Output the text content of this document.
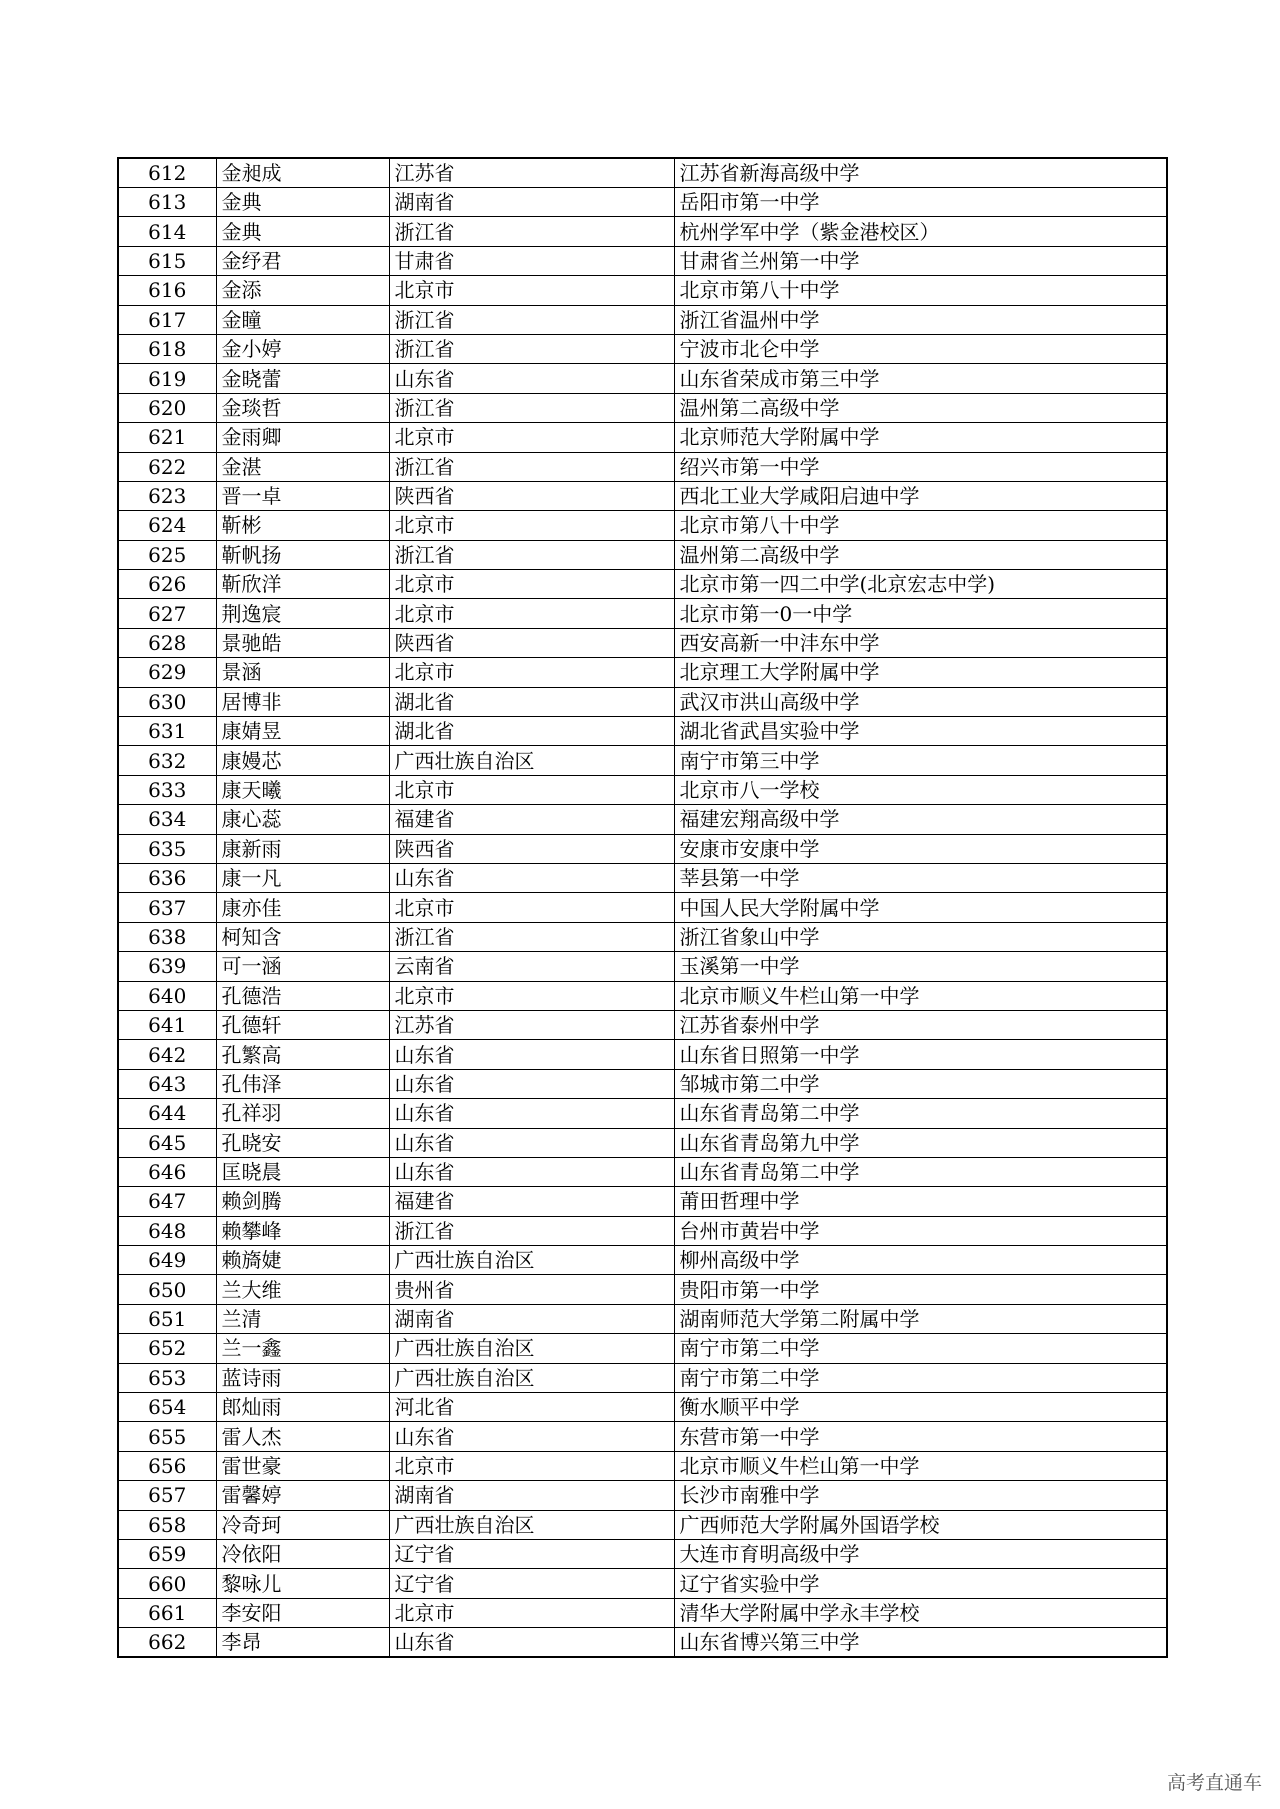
612	金昶成	江苏省	江苏省新海高级中学
613	金典	湖南省	岳阳市第一中学
614	金典	浙江省	杭州学军中学（紫金港校区）
615	金纾君	甘肃省	甘肃省兰州第一中学
616	金添	北京市	北京市第八十中学
617	金瞳	浙江省	浙江省温州中学
618	金小婷	浙江省	宁波市北仑中学
619	金晓蕾	山东省	山东省荣成市第三中学
620	金琰哲	浙江省	温州第二高级中学
621	金雨卿	北京市	北京师范大学附属中学
622	金湛	浙江省	绍兴市第一中学
623	晋一卓	陕西省	西北工业大学咸阳启迪中学
624	靳彬	北京市	北京市第八十中学
625	靳帆扬	浙江省	温州第二高级中学
626	靳欣洋	北京市	北京市第一四二中学(北京宏志中学)
627	荆逸宸	北京市	北京市第一0一中学
628	景驰皓	陕西省	西安高新一中沣东中学
629	景涵	北京市	北京理工大学附属中学
630	居博非	湖北省	武汉市洪山高级中学
631	康婧昱	湖北省	湖北省武昌实验中学
632	康嫚芯	广西壮族自治区	南宁市第三中学
633	康天曦	北京市	北京市八一学校
634	康心蕊	福建省	福建宏翔高级中学
635	康新雨	陕西省	安康市安康中学
636	康一凡	山东省	莘县第一中学
637	康亦佳	北京市	中国人民大学附属中学
638	柯知含	浙江省	浙江省象山中学
639	可一涵	云南省	玉溪第一中学
640	孔德浩	北京市	北京市顺义牛栏山第一中学
641	孔德轩	江苏省	江苏省泰州中学
642	孔繁高	山东省	山东省日照第一中学
643	孔伟泽	山东省	邹城市第二中学
644	孔祥羽	山东省	山东省青岛第二中学
645	孔晓安	山东省	山东省青岛第九中学
646	匡晓晨	山东省	山东省青岛第二中学
647	赖剑腾	福建省	莆田哲理中学
648	赖攀峰	浙江省	台州市黄岩中学
649	赖旖婕	广西壮族自治区	柳州高级中学
650	兰大维	贵州省	贵阳市第一中学
651	兰清	湖南省	湖南师范大学第二附属中学
652	兰一鑫	广西壮族自治区	南宁市第二中学
653	蓝诗雨	广西壮族自治区	南宁市第二中学
654	郎灿雨	河北省	衡水顺平中学
655	雷人杰	山东省	东营市第一中学
656	雷世豪	北京市	北京市顺义牛栏山第一中学
657	雷馨婷	湖南省	长沙市南雅中学
658	冷奇珂	广西壮族自治区	广西师范大学附属外国语学校
659	冷依阳	辽宁省	大连市育明高级中学
660	黎咏儿	辽宁省	辽宁省实验中学
661	李安阳	北京市	清华大学附属中学永丰学校
662	李昂	山东省	山东省博兴第三中学
高考直通车
